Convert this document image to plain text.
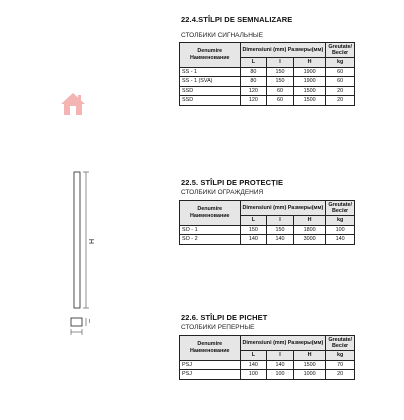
H
l
22.4.STÎLPI DE SEMNALIZARE
СТОЛБИКИ СИГНАЛЬНЫЕ
Denumire
Наименование	Dimensiuni (mm) Размеры(мм)			Greutate/
Вес/кг
	L	l	H	kg
SS - 1	80	150	1900	60
SS - 1 (SVA)	80	150	1900	60
SSD	120	60	1500	20
SSD	120	60	1500	20
22.5. STÎLPI DE PROTECȚIE
СТОЛБИКИ ОГРАЖДЕНИЯ
Denumire
Наименование	Dimensiuni (mm) Размеры(мм)			Greutate/
Вес/кг
	L	l	H	kg
SO - 1	150	150	1800	100
SO - 2	140	140	3000	140
22.6. STÎLPI DE PICHET
СТОЛБИКИ РЕПЕРНЫЕ
Denumire
Наименование	Dimensiuni (mm) Размеры(мм)			Greutate/
Вес/кг
	L	l	H	kg
PSJ	140	140	1500	70
PSJ	100	100	1000	20
